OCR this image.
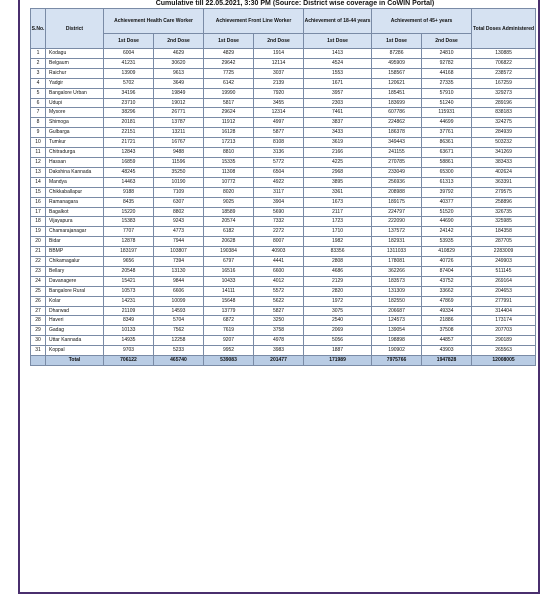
Cumulative till 22.05.2021, 3:30 PM (Source: District wise coverage in CoWIN Portal)
S.No.	District	Achievement Health Care Worker		Achievement Front Line Worker		Achievement of 18-44 years	Achievement of 45+ years		Total Doses Administered
		1st Dose	2nd Dose	1st Dose	2nd Dose	1st Dose	1st Dose	2nd Dose	
1	Kodagu	6004	4629	4829	1914	1413	87286	24810	130885
2	Belgaum	41231	30620	29642	12114	4524	495909	92782	706822
3	Raichur	13909	9613	7725	3037	1553	158567	44168	238572
4	Yadgir	5702	3649	6142	2139	1671	120621	27335	167259
5	Bangalore Urban	34196	19849	19990	7920	3957	185451	57910	329273
6	Udupi	23710	19012	5817	3455	2303	183699	51240	289196
7	Mysore	38296	26771	29624	12314	7461	607786	115931	838183
8	Shimoga	20181	13787	11912	4997	3837	224862	44699	324275
9	Gulbarga	22151	13211	16128	5877	3433	186378	37761	284939
10	Tumkur	21721	16767	17213	8108	3619	349443	86361	503232
11	Chitradurga	12843	9488	8810	3136	2166	241155	63671	341269
12	Hassan	16859	11596	15335	5772	4225	270785	58861	383433
13	Dakshina Kannada	48245	35250	11308	6504	2968	233049	65300	402624
14	Mandya	14463	10190	10772	4922	3895	256936	61313	363391
15	Chikkaballapur	9188	7109	8020	3117	3361	208988	39792	279575
16	Ramanagara	8435	6307	9025	3904	1673	189175	40377	258896
17	Bagalkot	15220	8802	18589	5690	2117	224797	51520	326735
18	Vijayapura	15383	9243	20574	7332	1723	222090	44690	325985
19	Chamarajanagar	7707	4773	6182	2272	1710	137572	24142	184358
20	Bidar	12878	7944	20628	8007	1982	182931	53935	287705
21	BBMP	183197	103807	190384	40903	83356	1311033	410829	2283009
22	Chikamagalur	9656	7394	6797	4441	2808	178081	40726	249903
23	Bellary	20548	13130	16516	6600	4686	362266	87404	511145
24	Davanagere	15421	9844	10433	4012	2129	183573	43752	269164
25	Bangalore Rural	10573	6606	14111	5572	2820	131309	33662	204653
26	Kolar	14231	10099	15648	5622	1972	182550	47869	277991
27	Dharwad	21109	14593	13779	5827	3075	206687	49334	314404
28	Haveri	8349	5704	6872	3250	2540	124573	21886	173174
29	Gadag	10133	7562	7619	3758	2069	139054	37508	207703
30	Uttar Kannada	14935	12258	9207	4978	5056	198898	44857	290189
31	Koppal	9703	5233	9952	3983	1887	190902	43903	265563
	Total	706122	465740	539083	201477	171989	7975766	1947828	12008005
